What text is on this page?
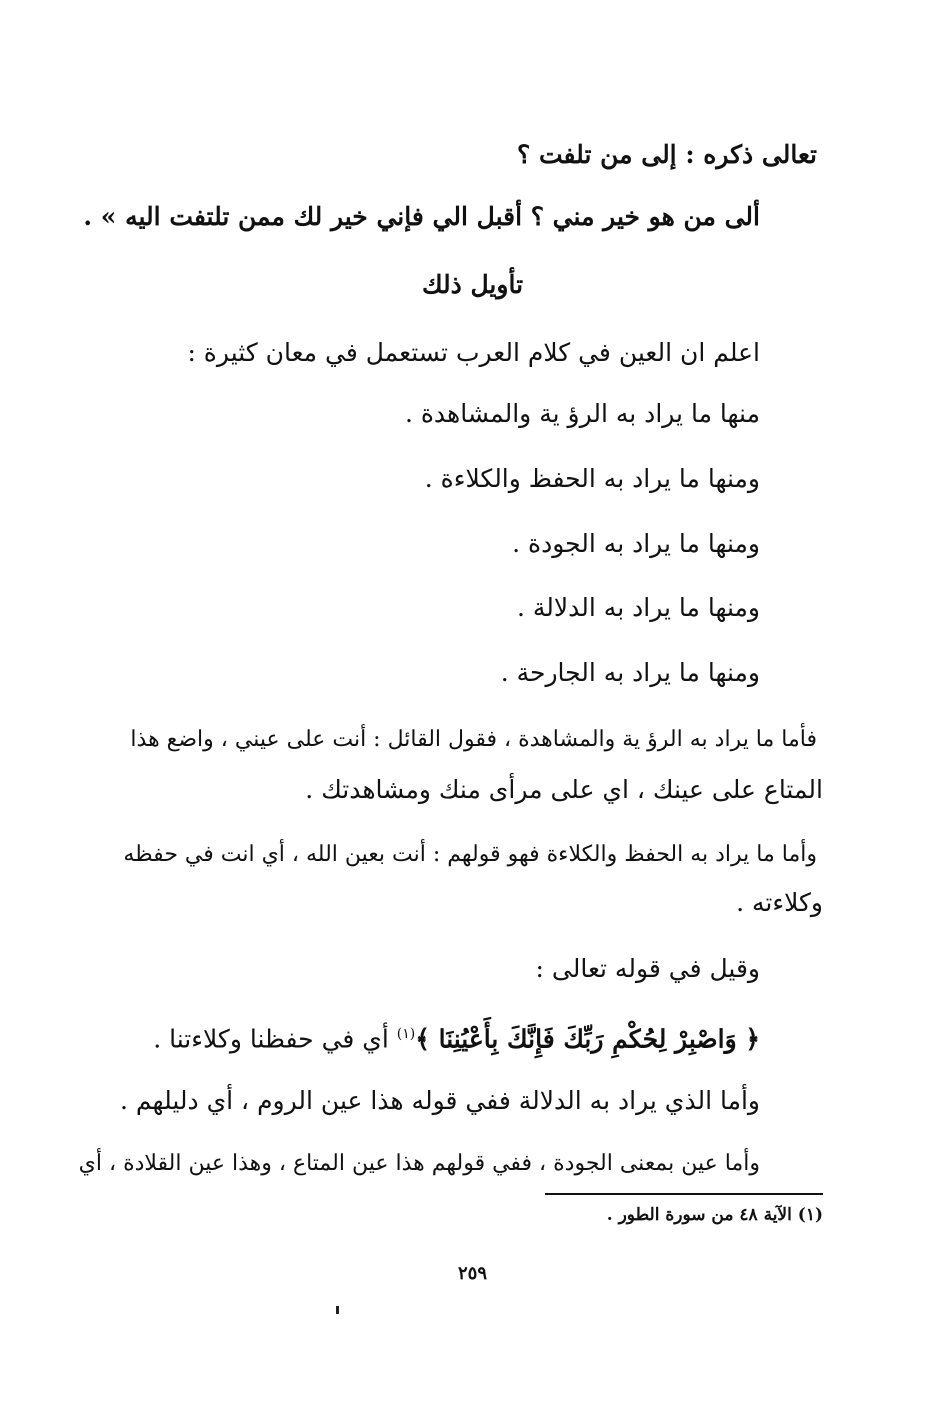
تعالى ذكره : إلى من تلفت ؟
ألى من هو خير مني ؟ أقبل الي فإني خير لك ممن تلتفت اليه » .
تأويل ذلك
اعلم ان العين في كلام العرب تستعمل في معان كثيرة :
منها ما يراد به الرؤ ية والمشاهدة .
ومنها ما يراد به الحفظ والكلاءة .
ومنها ما يراد به الجودة .
ومنها ما يراد به الدلالة .
ومنها ما يراد به الجارحة .
فأما ما يراد به الرؤ ية والمشاهدة ، فقول القائل : أنت على عيني ، واضع هذا
المتاع على عينك ، اي على مرأى منك ومشاهدتك .
وأما ما يراد به الحفظ والكلاءة فهو قولهم : أنت بعين الله ، أي انت في حفظه
وكلاءته .
وقيل في قوله تعالى :
﴿ وَاصْبِرْ لِحُكْمِ رَبِّكَ فَإِنَّكَ بِأَعْيُنِنَا ﴾$^{(١)}$ أي في حفظنا وكلاءتنا .
وأما الذي يراد به الدلالة ففي قوله هذا عين الروم ، أي دليلهم .
وأما عين بمعنى الجودة ، ففي قولهم هذا عين المتاع ، وهذا عين القلادة ، أي
(١) الآية ٤٨ من سورة الطور .
٢٥٩
